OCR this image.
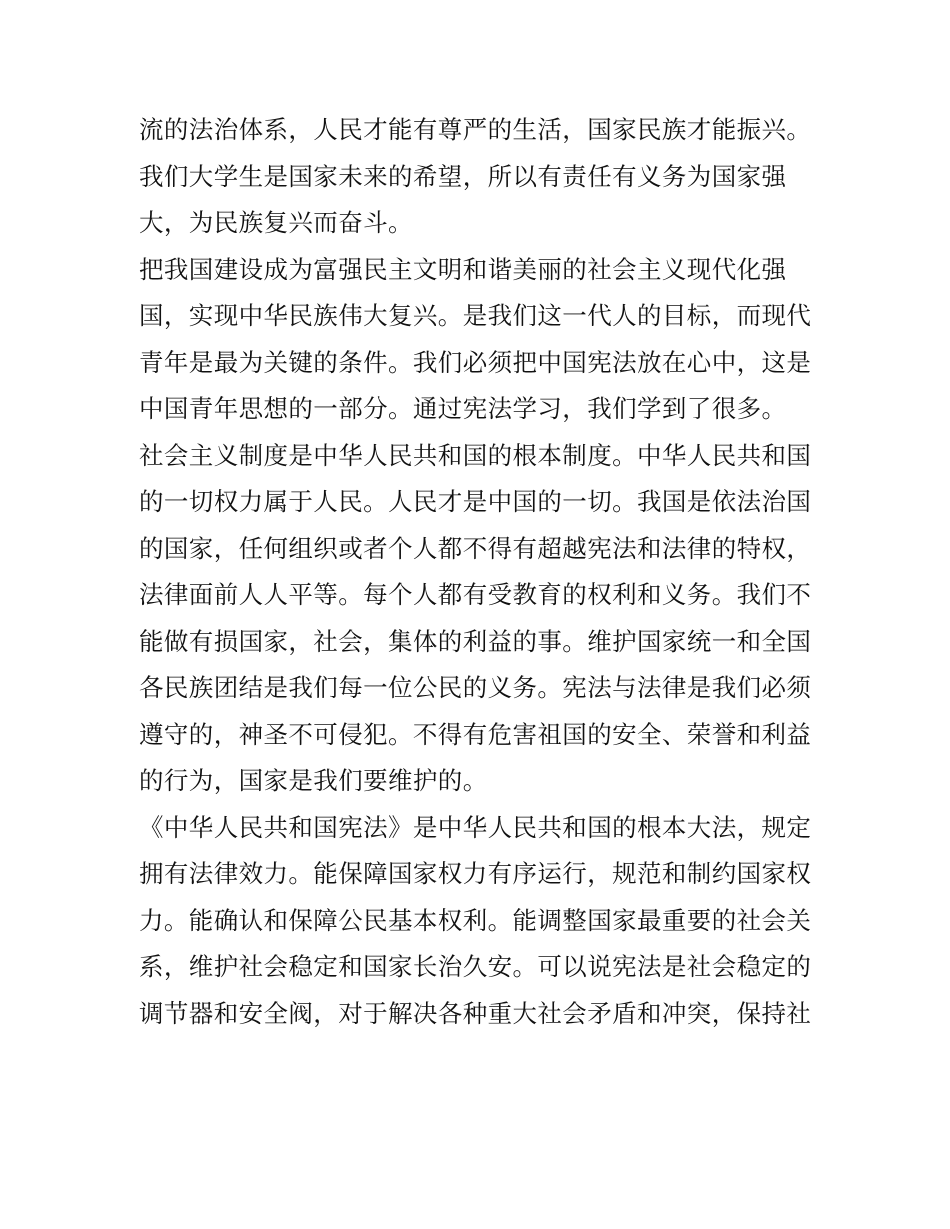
流的法治体系，人民才能有尊严的生活，国家民族才能振兴。
我们大学生是国家未来的希望，所以有责任有义务为国家强
大，为民族复兴而奋斗。
把我国建设成为富强民主文明和谐美丽的社会主义现代化强
国，实现中华民族伟大复兴。是我们这一代人的目标，而现代
青年是最为关键的条件。我们必须把中国宪法放在心中，这是
中国青年思想的一部分。通过宪法学习，我们学到了很多。
社会主义制度是中华人民共和国的根本制度。中华人民共和国
的一切权力属于人民。人民才是中国的一切。我国是依法治国
的国家，任何组织或者个人都不得有超越宪法和法律的特权，
法律面前人人平等。每个人都有受教育的权利和义务。我们不
能做有损国家，社会，集体的利益的事。维护国家统一和全国
各民族团结是我们每一位公民的义务。宪法与法律是我们必须
遵守的，神圣不可侵犯。不得有危害祖国的安全、荣誉和利益
的行为，国家是我们要维护的。
《中华人民共和国宪法》是中华人民共和国的根本大法，规定
拥有法律效力。能保障国家权力有序运行，规范和制约国家权
力。能确认和保障公民基本权利。能调整国家最重要的社会关
系，维护社会稳定和国家长治久安。可以说宪法是社会稳定的
调节器和安全阀，对于解决各种重大社会矛盾和冲突，保持社
